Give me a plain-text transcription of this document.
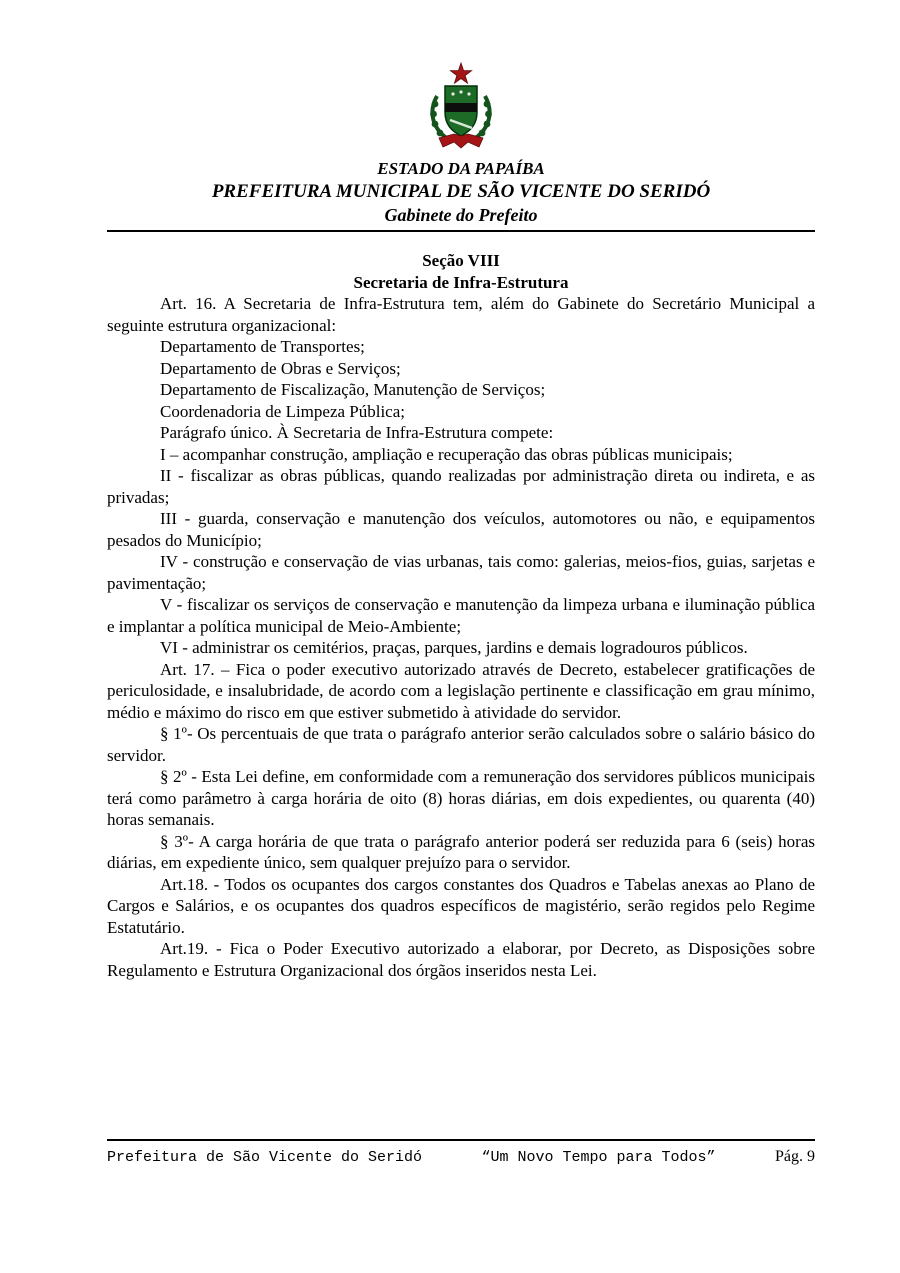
ESTADO DA PAPAÍBA
PREFEITURA MUNICIPAL DE SÃO VICENTE DO SERIDÓ
Gabinete do Prefeito

Seção VIII

Secretaria de Infra-Estrutura

Art. 16. A Secretaria de Infra-Estrutura tem, além do Gabinete do Secretário Municipal a seguinte estrutura organizacional:

Departamento de Transportes;

Departamento de Obras e Serviços;

Departamento de Fiscalização, Manutenção de Serviços;

Coordenadoria de Limpeza Pública;

Parágrafo único. À Secretaria de Infra-Estrutura compete:

I – acompanhar construção, ampliação e recuperação das obras públicas municipais;

II - fiscalizar as obras públicas, quando realizadas por administração direta ou indireta, e as privadas;

III - guarda, conservação e manutenção dos veículos, automotores ou não, e equipamentos pesados do Município;

IV - construção e conservação de vias urbanas, tais como: galerias, meios-fios, guias, sarjetas e pavimentação;

V - fiscalizar os serviços de conservação e manutenção da limpeza urbana e iluminação pública e implantar a política municipal de Meio-Ambiente;

VI - administrar os cemitérios, praças, parques, jardins e demais logradouros públicos.

Art. 17. – Fica o poder executivo autorizado através de Decreto, estabelecer gratificações de periculosidade, e insalubridade, de acordo com a legislação pertinente e classificação em grau mínimo, médio e máximo do risco em que estiver submetido à atividade do servidor.

§ 1º- Os percentuais de que trata o parágrafo anterior serão calculados sobre o salário básico do servidor.

§ 2º - Esta Lei define, em conformidade com a remuneração dos servidores públicos municipais terá como parâmetro à carga horária de oito (8) horas diárias, em dois expedientes, ou quarenta (40) horas semanais.

§ 3º- A carga horária de que trata o parágrafo anterior poderá ser reduzida para 6 (seis) horas diárias, em expediente único, sem qualquer prejuízo para o servidor.

Art.18. - Todos os ocupantes dos cargos constantes dos Quadros e Tabelas anexas ao Plano de Cargos e Salários, e os ocupantes dos quadros específicos de magistério, serão regidos pelo Regime Estatutário.

Art.19. - Fica o Poder Executivo autorizado a elaborar, por Decreto, as Disposições sobre Regulamento e Estrutura Organizacional dos órgãos inseridos nesta Lei.

Prefeitura de São Vicente do Seridó	“Um Novo Tempo para Todos”	Pág. 9
